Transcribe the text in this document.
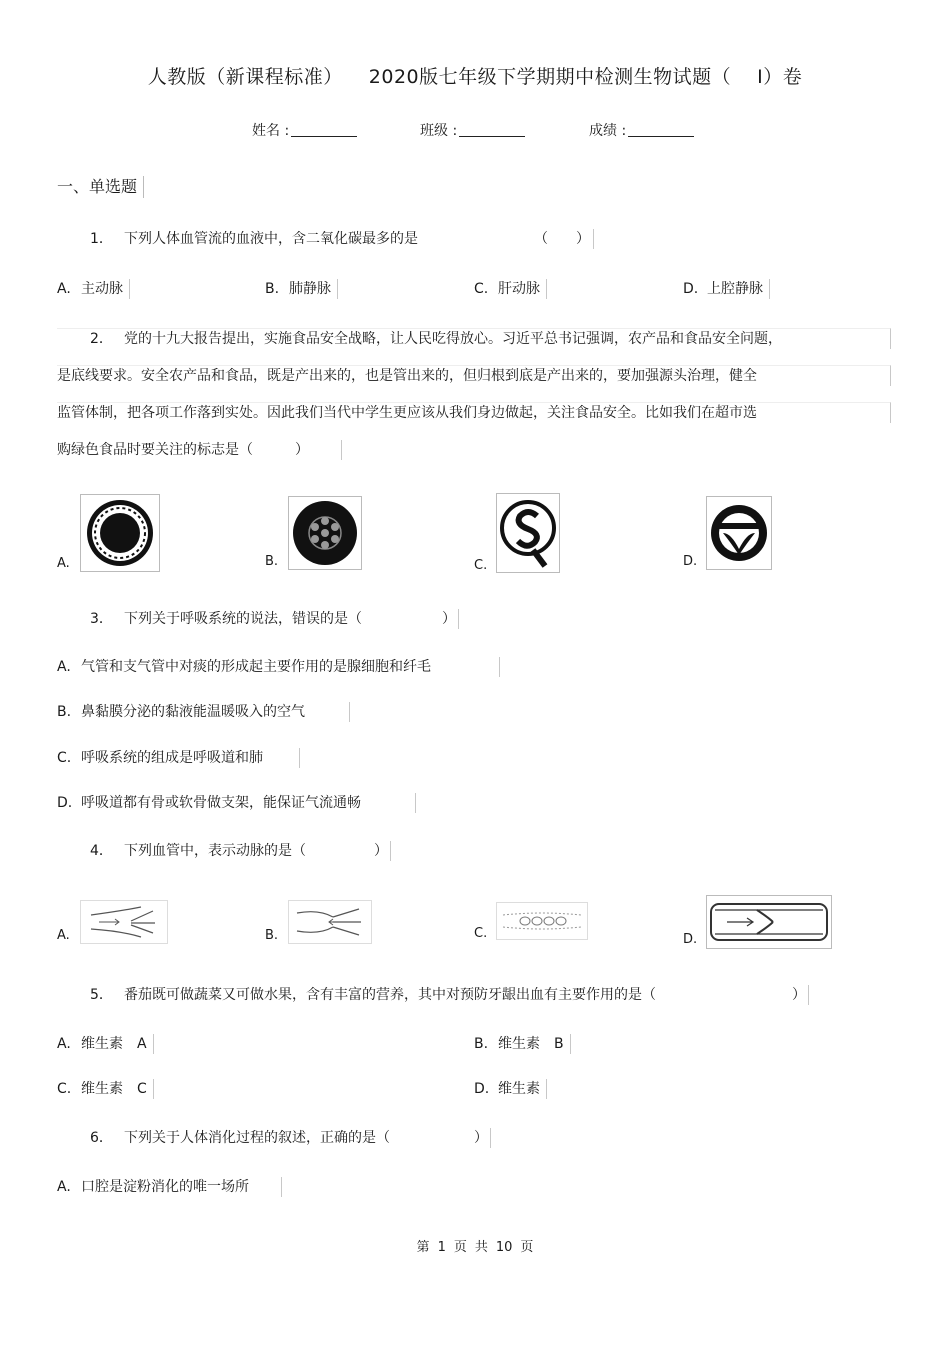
人教版（新课程标准） 2020版七年级下学期期中检测生物试题（ I）卷
姓名 :	班级 :	成绩 :
一、单选题
1． 下列人体血管流的血液中，含二氧化碳最多的是	（　　）
A. 主动脉	B. 肺静脉	C. 肝动脉	D. 上腔静脉
2． 党的十九大报告提出，实施食品安全战略，让人民吃得放心。习近平总书记强调，农产品和食品安全问题，
是底线要求。安全农产品和食品，既是产出来的，也是管出来的，但归根到底是产出来的，要加强源头治理，健全
监管体制，把各项工作落到实处。因此我们当代中学生更应该从我们身边做起，关注食品安全。比如我们在超市选
购绿色食品时要关注的标志是（　　　）
A.	B.	C.	D.
3． 下列关于呼吸系统的说法，错误的是（	）
A. 气管和支气管中对痰的形成起主要作用的是腺细胞和纤毛
B. 鼻黏膜分泌的黏液能温暖吸入的空气
C. 呼吸系统的组成是呼吸道和肺
D. 呼吸道都有骨或软骨做支架，能保证气流通畅
4． 下列血管中，表示动脉的是（	）
A.	B.	C.	D.
5． 番茄既可做蔬菜又可做水果，含有丰富的营养，其中对预防牙龈出血有主要作用的是（	）
A. 维生素　A	B. 维生素　B
C. 维生素　C	D. 维生素
6． 下列关于人体消化过程的叙述，正确的是（	）
A. 口腔是淀粉消化的唯一场所
第 1 页 共 10 页
